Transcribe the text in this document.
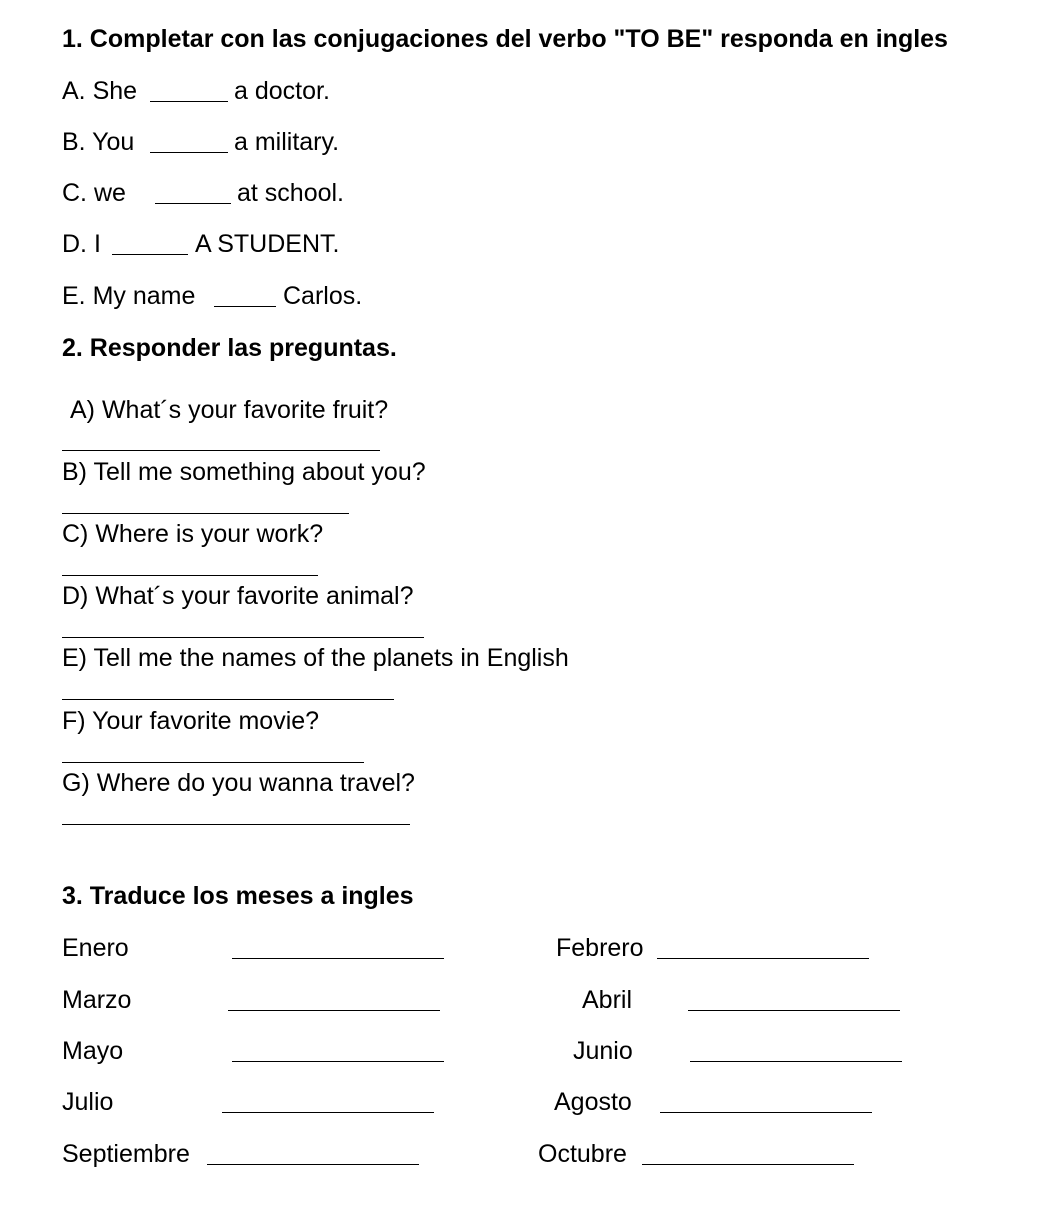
1. Completar con las conjugaciones del verbo "TO BE" responda en ingles
A. She	a doctor.
B. You	a military.
C. we	at school.
D. I	A STUDENT.
E. My name	Carlos.
2. Responder las preguntas.
A) What´s your favorite fruit?
B) Tell me something about you?
C) Where is your work?
D) What´s your favorite animal?
E) Tell me the names of the planets in English
F) Your favorite movie?
G) Where do you wanna travel?
3. Traduce los meses a ingles
Enero	Febrero
Marzo	Abril
Mayo	Junio
Julio	Agosto
Septiembre	Octubre
